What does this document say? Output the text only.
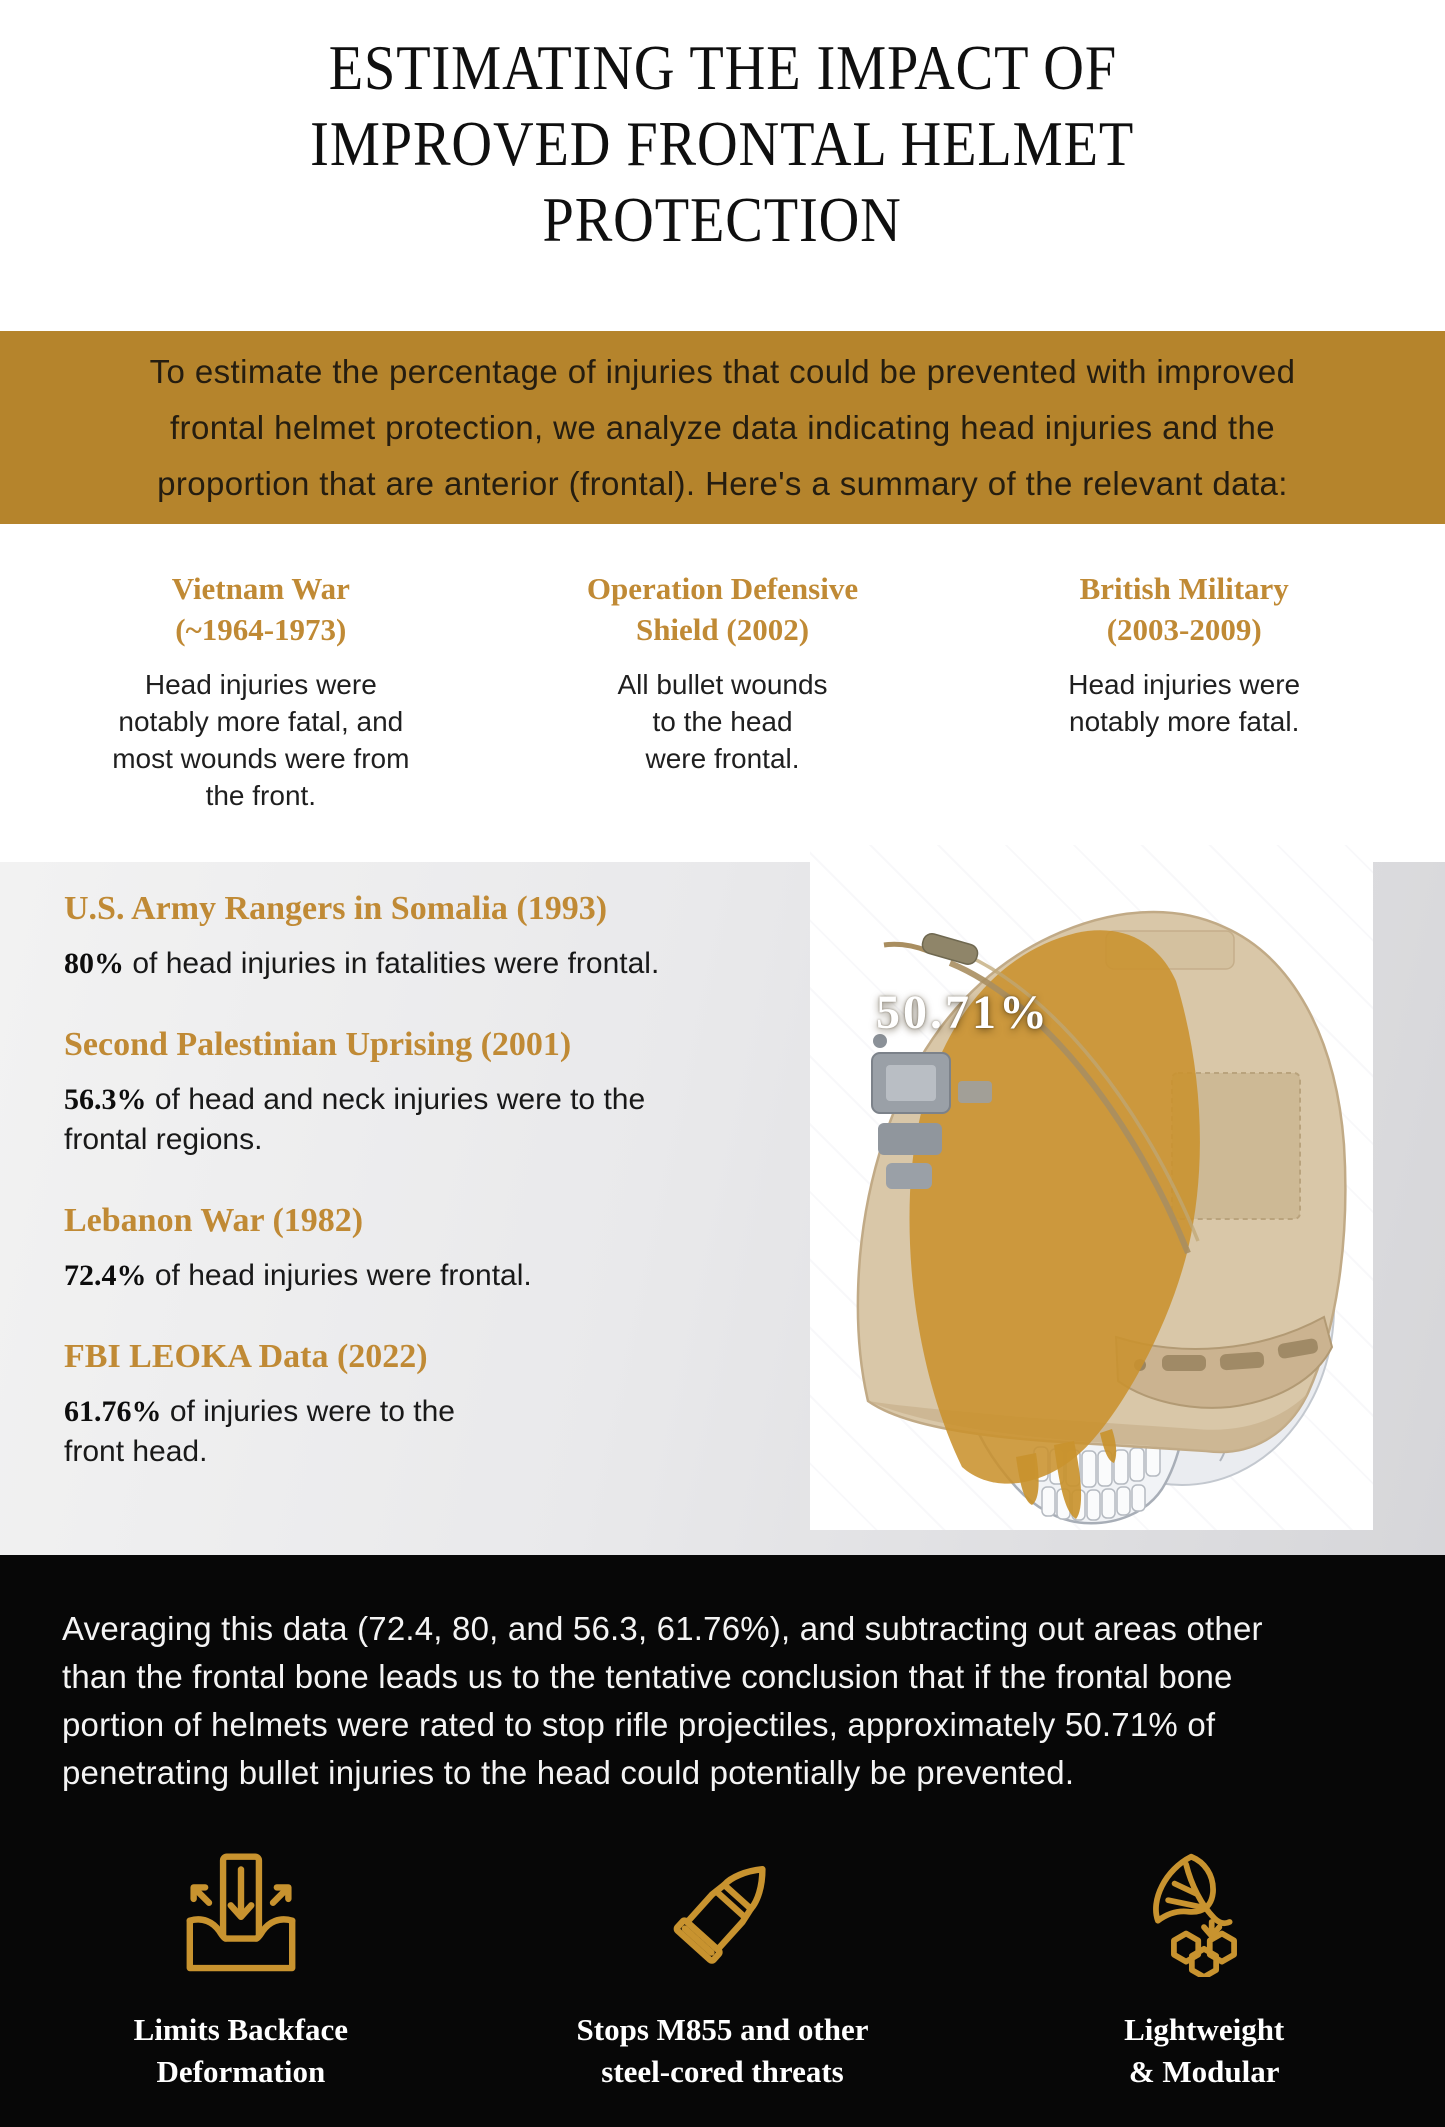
ESTIMATING THE IMPACT OF
IMPROVED FRONTAL HELMET
PROTECTION
To estimate the percentage of injuries that could be prevented with improved
frontal helmet protection, we analyze data indicating head injuries and the
proportion that are anterior (frontal). Here's a summary of the relevant data:
Vietnam War
(~1964-1973)
Head injuries were
notably more fatal, and
most wounds were from
the front.
Operation Defensive
Shield (2002)
All bullet wounds
to the head
were frontal.
British Military
(2003-2009)
Head injuries were
notably more fatal.
U.S. Army Rangers in Somalia (1993)

80% of head injuries in fatalities were frontal.

Second Palestinian Uprising (2001)

56.3% of head and neck injuries were to the
frontal regions.

Lebanon War (1982)

72.4% of head injuries were frontal.

FBI LEOKA Data (2022)

61.76% of injuries were to the
front head.

50.71%
Averaging this data (72.4, 80, and 56.3, 61.76%), and subtracting out areas other
than the frontal bone leads us to the tentative conclusion that if the frontal bone
portion of helmets were rated to stop rifle projectiles, approximately 50.71% of
penetrating bullet injuries to the head could potentially be prevented.
Limits Backface
Deformation
Stops M855 and other
steel-cored threats
Lightweight
& Modular
